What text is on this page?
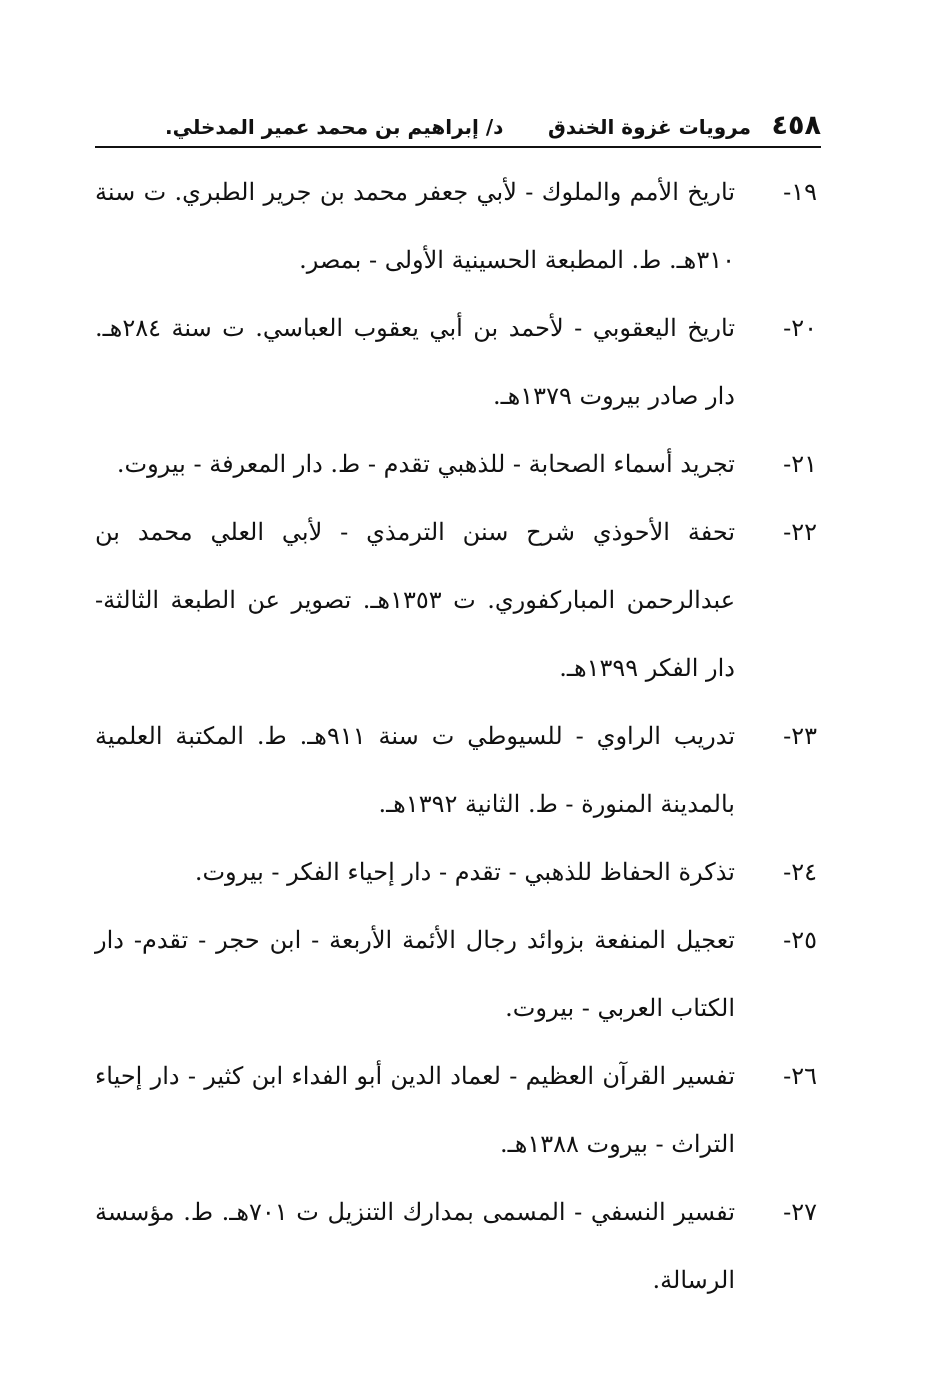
٤٥٨
مرويات غزوة الخندق
د/ إبراهيم بن محمد عمير المدخلي.
١٩-
تاريخ الأمم والملوك - لأبي جعفر محمد بن جرير الطبري. ت سنة ٣١٠هـ. ط. المطبعة الحسينية الأولى - بمصر.
٢٠-
تاريخ اليعقوبي - لأحمد بن أبي يعقوب العباسي. ت سنة ٢٨٤هـ. دار صادر بيروت ١٣٧٩هـ.
٢١-
تجريد أسماء الصحابة - للذهبي تقدم - ط. دار المعرفة - بيروت.
٢٢-
تحفة الأحوذي شرح سنن الترمذي - لأبي العلي محمد بن عبدالرحمن المباركفوري. ت ١٣٥٣هـ. تصوير عن الطبعة الثالثة- دار الفكر ١٣٩٩هـ.
٢٣-
تدريب الراوي - للسيوطي ت سنة ٩١١هـ. ط. المكتبة العلمية بالمدينة المنورة - ط. الثانية ١٣٩٢هـ.
٢٤-
تذكرة الحفاظ للذهبي - تقدم - دار إحياء الفكر - بيروت.
٢٥-
تعجيل المنفعة بزوائد رجال الأئمة الأربعة - ابن حجر - تقدم- دار الكتاب العربي - بيروت.
٢٦-
تفسير القرآن العظيم - لعماد الدين أبو الفداء ابن كثير - دار إحياء التراث - بيروت ١٣٨٨هـ.
٢٧-
تفسير النسفي - المسمى بمدارك التنزيل ت ٧٠١هـ. ط. مؤسسة الرسالة.
